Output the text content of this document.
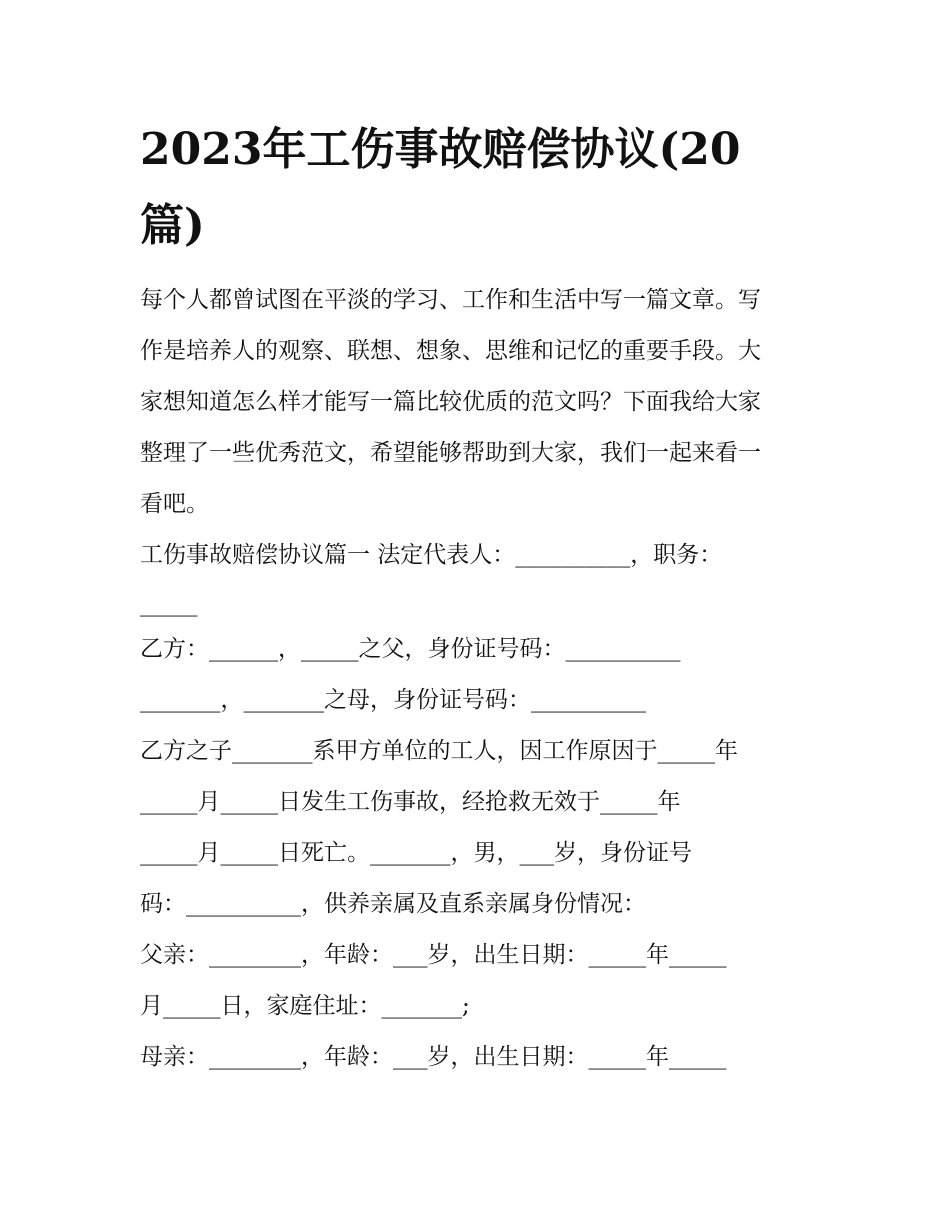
2023年工伤事故赔偿协议(20
篇)

每个人都曾试图在平淡的学习、工作和生活中写一篇文章。写

作是培养人的观察、联想、想象、思维和记忆的重要手段。大

家想知道怎么样才能写一篇比较优质的范文吗？下面我给大家

整理了一些优秀范文，希望能够帮助到大家，我们一起来看一

看吧。

工伤事故赔偿协议篇一 法定代表人：__________，职务：

_____

乙方：______，_____之父，身份证号码：__________

_______，_______之母，身份证号码：__________

乙方之子_______系甲方单位的工人，因工作原因于_____年

_____月_____日发生工伤事故，经抢救无效于_____年

_____月_____日死亡。_______，男，___岁，身份证号

码：__________，供养亲属及直系亲属身份情况：

父亲：________，年龄：___岁，出生日期：_____年_____

月_____日，家庭住址：_______;

母亲：________，年龄：___岁，出生日期：_____年_____
